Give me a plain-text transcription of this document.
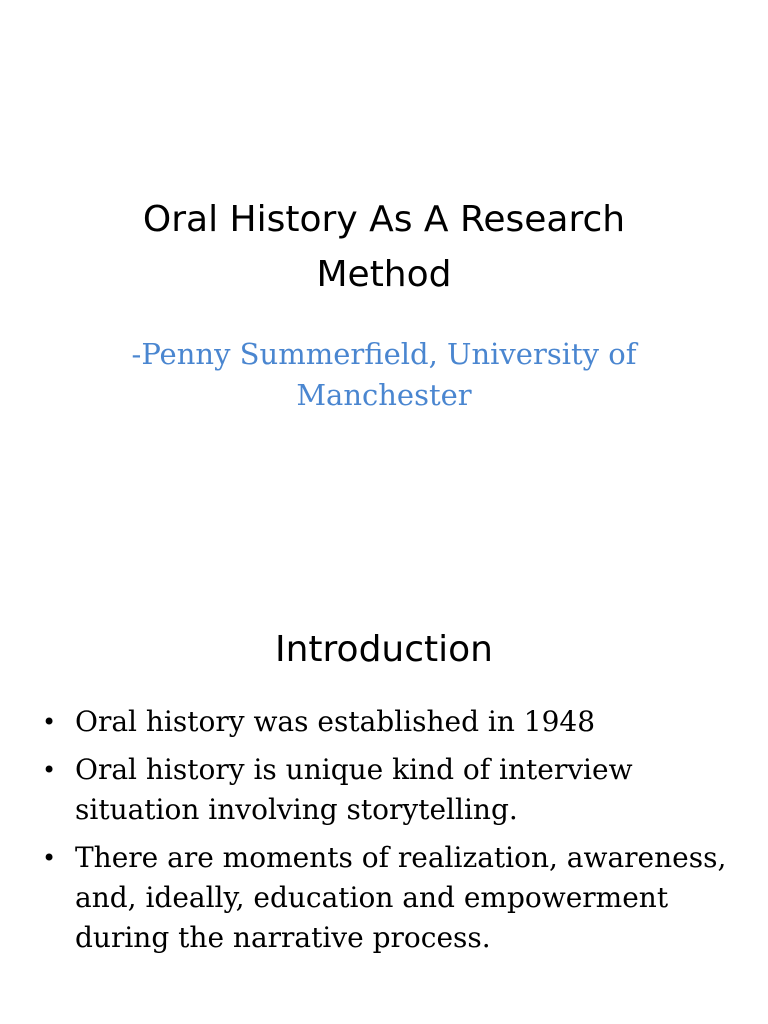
Oral History As A Research
Method

-Penny Summerfield, University of
Manchester

Introduction
• Oral history was established in 1948
• Oral history is unique kind of interview situation involving storytelling.
• There are moments of realization, awareness, and, ideally, education and empowerment during the narrative process.
